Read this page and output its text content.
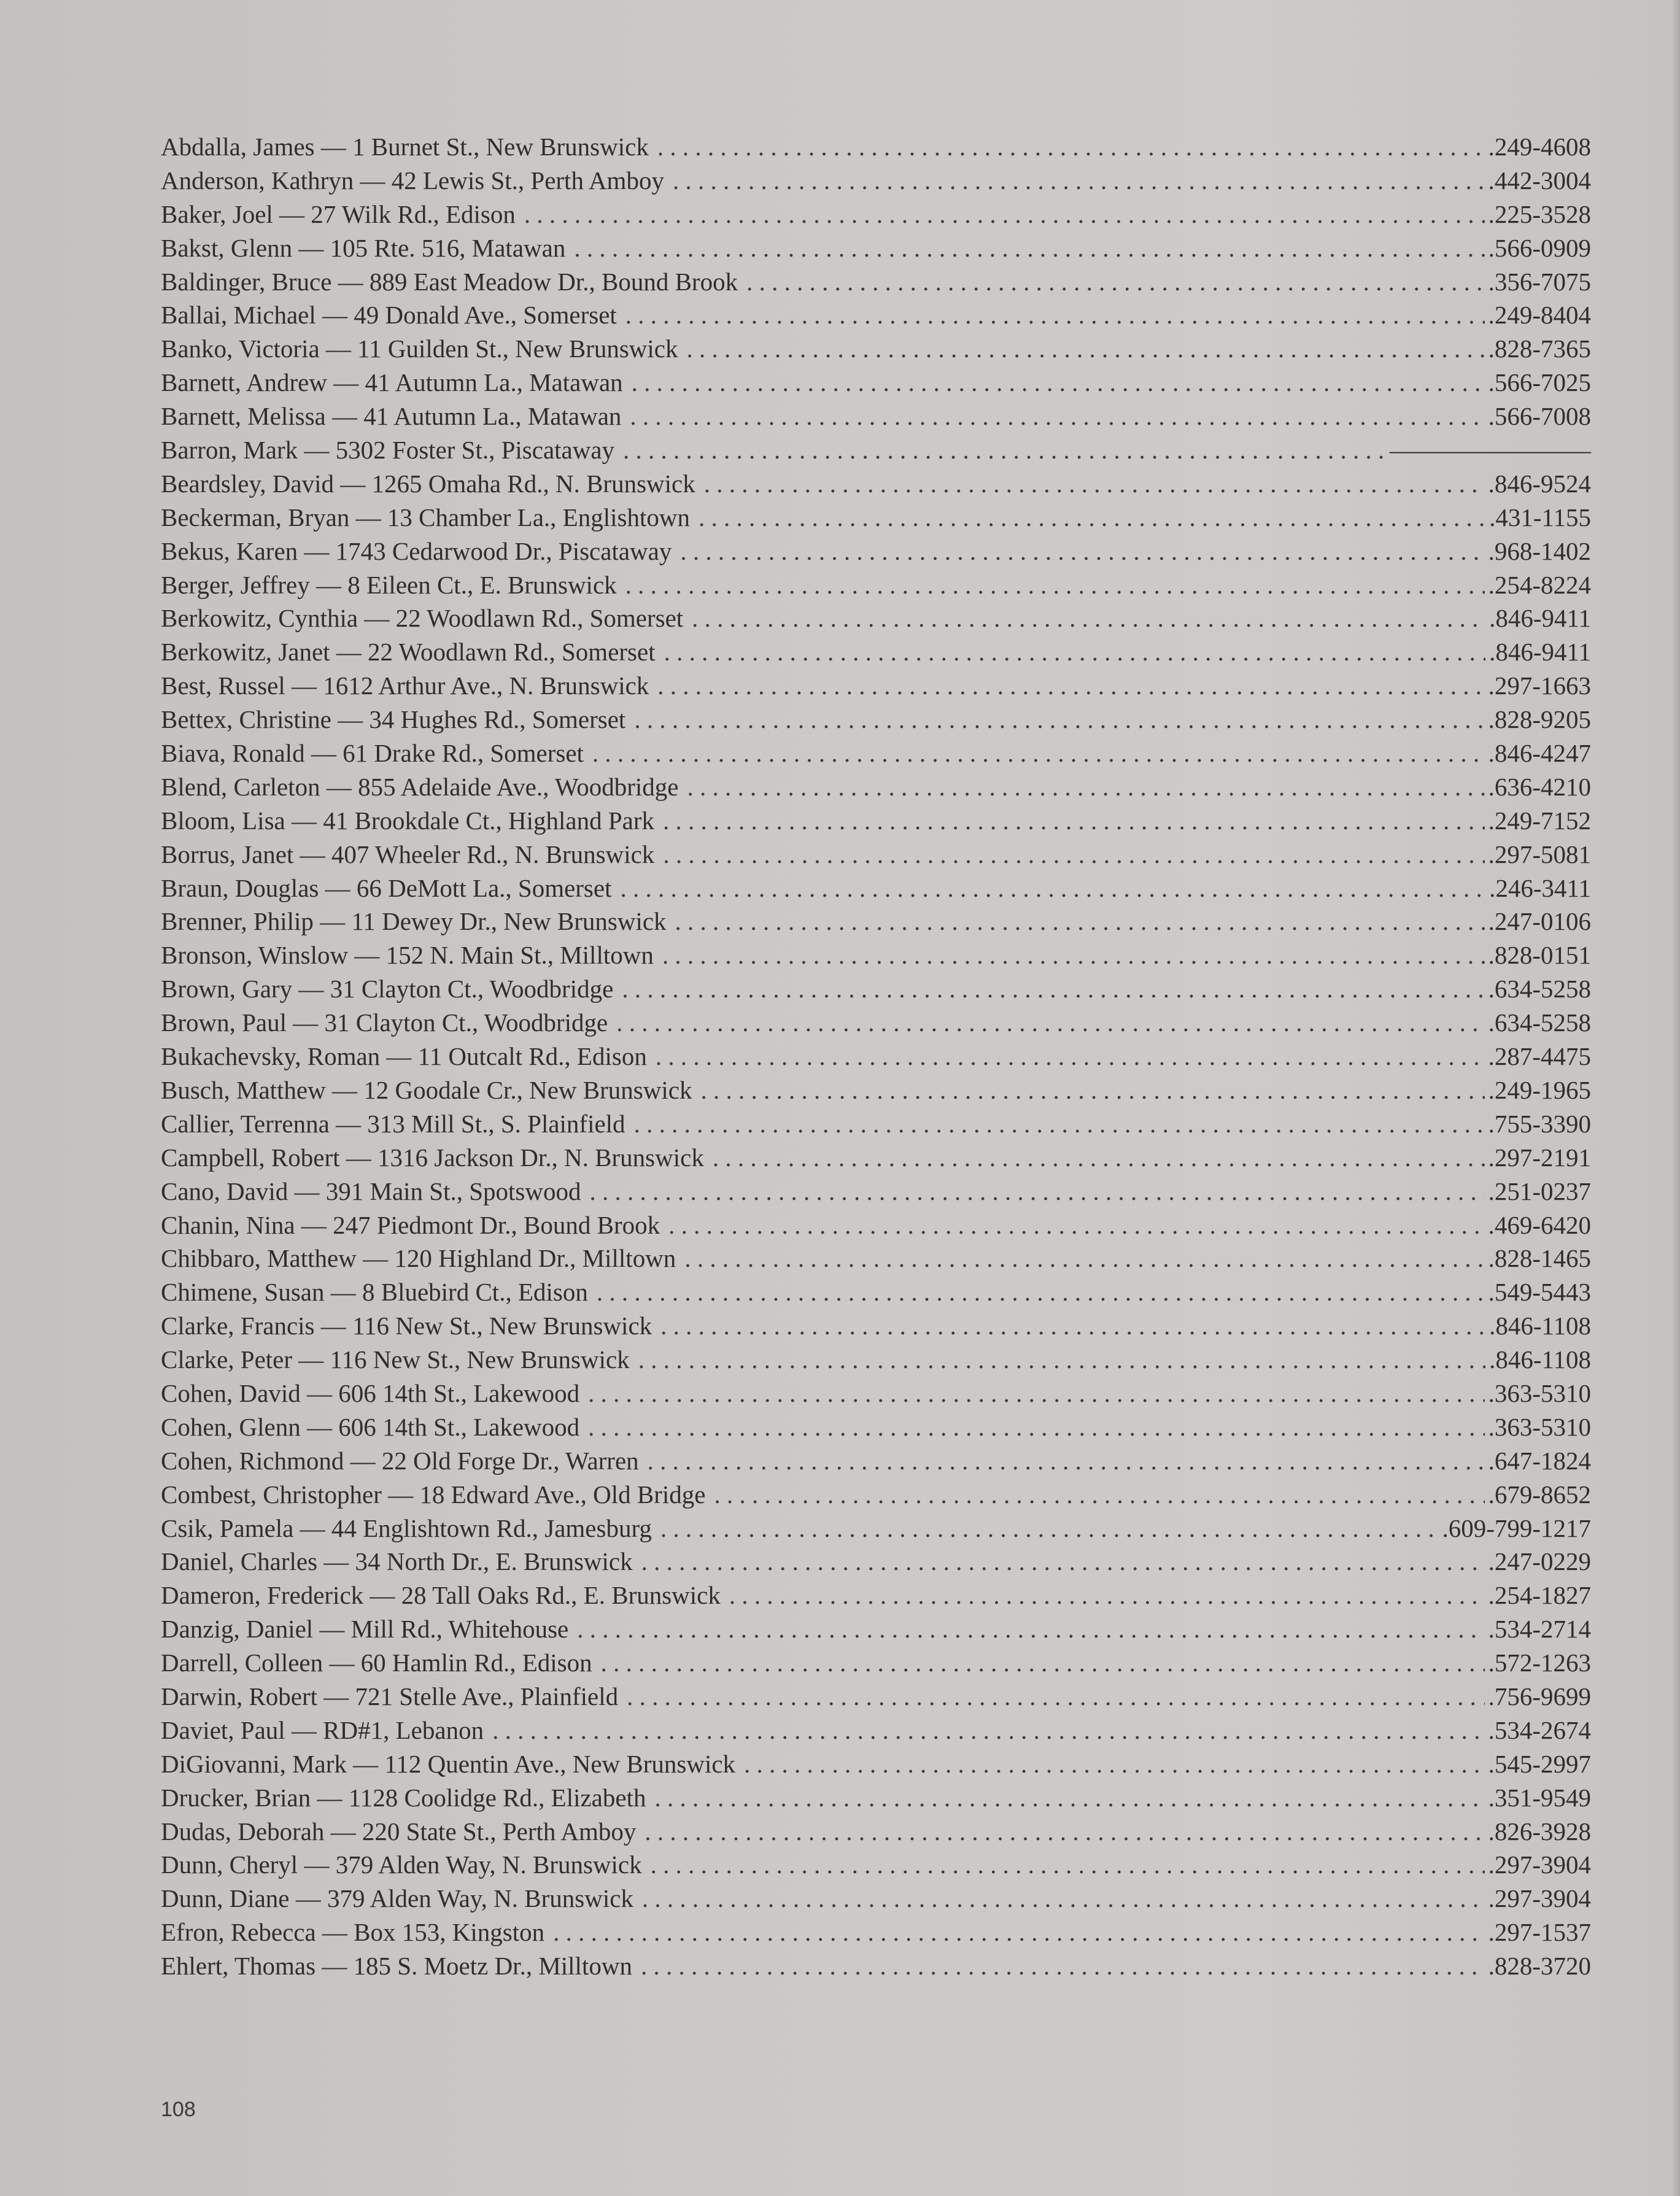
Abdalla, James — 1 Burnet St., New Brunswick . . .	.249-4608
Anderson, Kathryn — 42 Lewis St., Perth Amboy . . .	.442-3004
Baker, Joel — 27 Wilk Rd., Edison . . .	.225-3528
Bakst, Glenn — 105 Rte. 516, Matawan . . .	.566-0909
Baldinger, Bruce — 889 East Meadow Dr., Bound Brook . . .	.356-7075
Ballai, Michael — 49 Donald Ave., Somerset . . .	.249-8404
Banko, Victoria — 11 Guilden St., New Brunswick . . .	.828-7365
Barnett, Andrew — 41 Autumn La., Matawan . . .	.566-7025
Barnett, Melissa — 41 Autumn La., Matawan . . .	.566-7008
Barron, Mark — 5302 Foster St., Piscataway . . .	————————
Beardsley, David — 1265 Omaha Rd., N. Brunswick . . .	.846-9524
Beckerman, Bryan — 13 Chamber La., Englishtown . . .	.431-1155
Bekus, Karen — 1743 Cedarwood Dr., Piscataway . . .	.968-1402
Berger, Jeffrey — 8 Eileen Ct., E. Brunswick . . .	.254-8224
Berkowitz, Cynthia — 22 Woodlawn Rd., Somerset . . .	.846-9411
Berkowitz, Janet — 22 Woodlawn Rd., Somerset . . .	.846-9411
Best, Russel — 1612 Arthur Ave., N. Brunswick . . .	.297-1663
Bettex, Christine — 34 Hughes Rd., Somerset . . .	.828-9205
Biava, Ronald — 61 Drake Rd., Somerset . . .	.846-4247
Blend, Carleton — 855 Adelaide Ave., Woodbridge . . .	.636-4210
Bloom, Lisa — 41 Brookdale Ct., Highland Park . . .	.249-7152
Borrus, Janet — 407 Wheeler Rd., N. Brunswick . . .	.297-5081
Braun, Douglas — 66 DeMott La., Somerset . . .	.246-3411
Brenner, Philip — 11 Dewey Dr., New Brunswick . . .	.247-0106
Bronson, Winslow — 152 N. Main St., Milltown . . .	.828-0151
Brown, Gary — 31 Clayton Ct., Woodbridge . . .	.634-5258
Brown, Paul — 31 Clayton Ct., Woodbridge . . .	.634-5258
Bukachevsky, Roman — 11 Outcalt Rd., Edison . . .	.287-4475
Busch, Matthew — 12 Goodale Cr., New Brunswick . . .	.249-1965
Callier, Terrenna — 313 Mill St., S. Plainfield . . .	.755-3390
Campbell, Robert — 1316 Jackson Dr., N. Brunswick . . .	.297-2191
Cano, David — 391 Main St., Spotswood . . .	.251-0237
Chanin, Nina — 247 Piedmont Dr., Bound Brook . . .	.469-6420
Chibbaro, Matthew — 120 Highland Dr., Milltown . . .	.828-1465
Chimene, Susan — 8 Bluebird Ct., Edison . . .	.549-5443
Clarke, Francis — 116 New St., New Brunswick . . .	.846-1108
Clarke, Peter — 116 New St., New Brunswick . . .	.846-1108
Cohen, David — 606 14th St., Lakewood . . .	.363-5310
Cohen, Glenn — 606 14th St., Lakewood . . .	.363-5310
Cohen, Richmond — 22 Old Forge Dr., Warren . . .	.647-1824
Combest, Christopher — 18 Edward Ave., Old Bridge . . .	.679-8652
Csik, Pamela — 44 Englishtown Rd., Jamesburg . . .	.609-799-1217
Daniel, Charles — 34 North Dr., E. Brunswick . . .	.247-0229
Dameron, Frederick — 28 Tall Oaks Rd., E. Brunswick . . .	.254-1827
Danzig, Daniel — Mill Rd., Whitehouse . . .	.534-2714
Darrell, Colleen — 60 Hamlin Rd., Edison . . .	.572-1263
Darwin, Robert — 721 Stelle Ave., Plainfield . . .	.756-9699
Daviet, Paul — RD#1, Lebanon . . .	.534-2674
DiGiovanni, Mark — 112 Quentin Ave., New Brunswick . . .	.545-2997
Drucker, Brian — 1128 Coolidge Rd., Elizabeth . . .	.351-9549
Dudas, Deborah — 220 State St., Perth Amboy . . .	.826-3928
Dunn, Cheryl — 379 Alden Way, N. Brunswick . . .	.297-3904
Dunn, Diane — 379 Alden Way, N. Brunswick . . .	.297-3904
Efron, Rebecca — Box 153, Kingston . . .	.297-1537
Ehlert, Thomas — 185 S. Moetz Dr., Milltown . . .	.828-3720
108
